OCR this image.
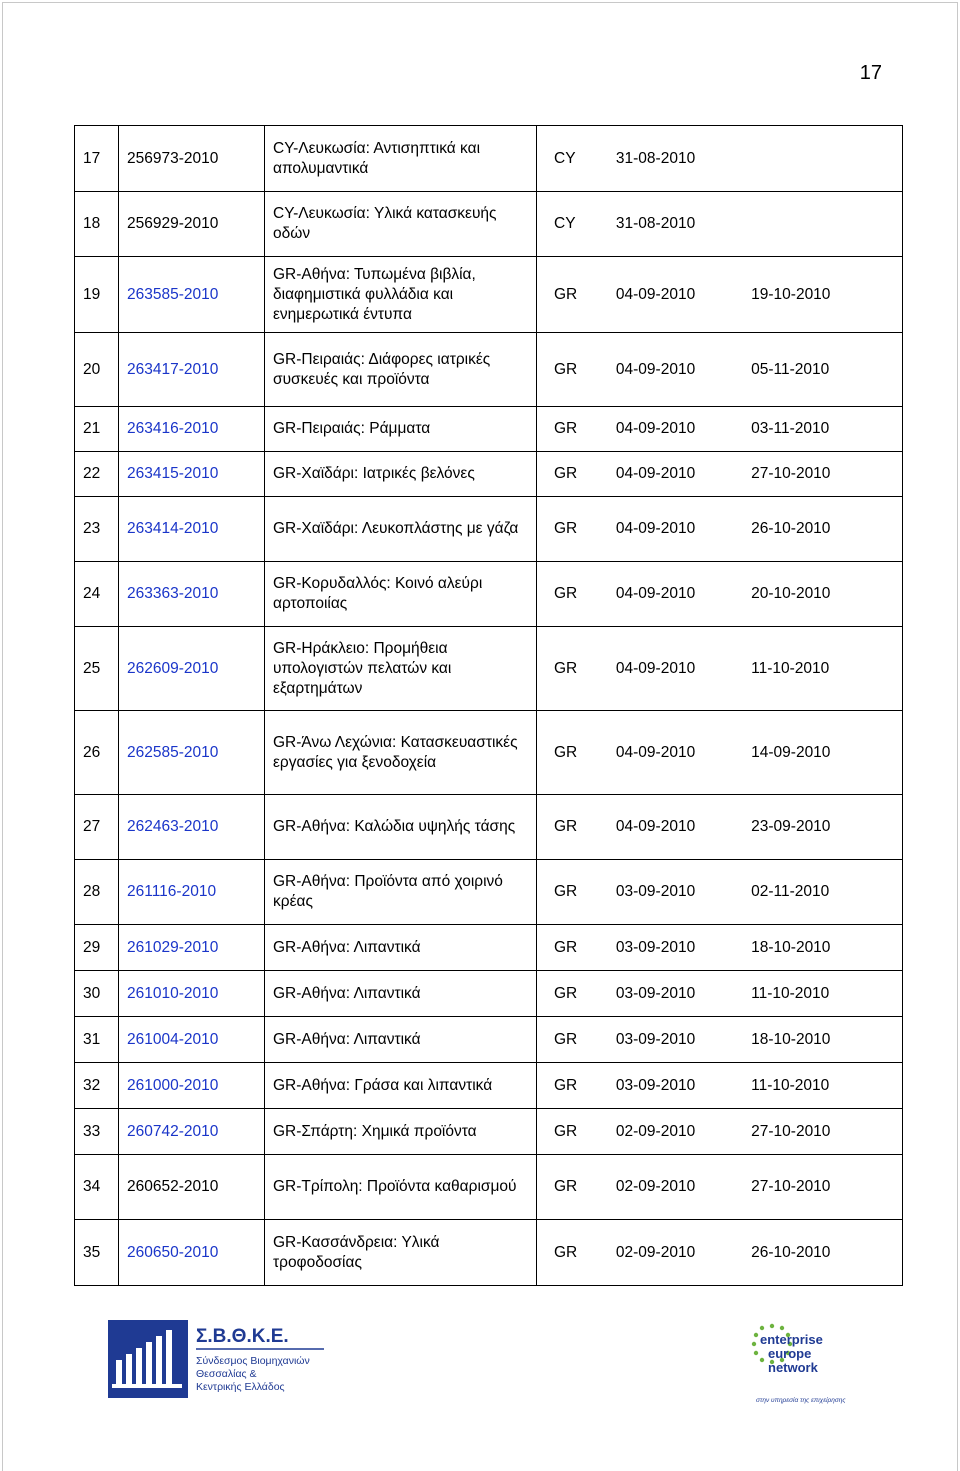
17
17	256973-2010	CY-Λευκωσία: Αντισηπτικά και απολυμαντικά	CY 31-08-2010

18	256929-2010	CY-Λευκωσία: Υλικά κατασκευής οδών	CY 31-08-2010

19	263585-2010	GR-Αθήνα: Τυπωμένα βιβλία, διαφημιστικά φυλλάδια και ενημερωτικά έντυπα	GR 04-09-2010 19-10-2010

20	263417-2010	GR-Πειραιάς: Διάφορες ιατρικές συσκευές και προϊόντα	GR 04-09-2010 05-11-2010

21	263416-2010	GR-Πειραιάς: Ράμματα	GR 04-09-2010 03-11-2010

22	263415-2010	GR-Χαϊδάρι: Ιατρικές βελόνες	GR 04-09-2010 27-10-2010

23	263414-2010	GR-Χαϊδάρι: Λευκοπλάστης με γάζα	GR 04-09-2010 26-10-2010

24	263363-2010	GR-Κορυδαλλός: Κοινό αλεύρι αρτοποιίας	GR 04-09-2010 20-10-2010

25	262609-2010	GR-Ηράκλειο: Προμήθεια υπολογιστών πελατών και εξαρτημάτων	GR 04-09-2010 11-10-2010

26	262585-2010	GR-Άνω Λεχώνια: Κατασκευαστικές εργασίες για ξενοδοχεία	GR 04-09-2010 14-09-2010

27	262463-2010	GR-Αθήνα: Καλώδια υψηλής τάσης	GR 04-09-2010 23-09-2010

28	261116-2010	GR-Αθήνα: Προϊόντα από χοιρινό κρέας	GR 03-09-2010 02-11-2010

29	261029-2010	GR-Αθήνα: Λιπαντικά	GR 03-09-2010 18-10-2010

30	261010-2010	GR-Αθήνα: Λιπαντικά	GR 03-09-2010 11-10-2010

31	261004-2010	GR-Αθήνα: Λιπαντικά	GR 03-09-2010 18-10-2010

32	261000-2010	GR-Αθήνα: Γράσα και λιπαντικά	GR 03-09-2010 11-10-2010

33	260742-2010	GR-Σπάρτη: Χημικά προϊόντα	GR 02-09-2010 27-10-2010

34	260652-2010	GR-Τρίπολη: Προϊόντα καθαρισμού	GR 02-09-2010 27-10-2010

35	260650-2010	GR-Κασσάνδρεια: Υλικά τροφοδοσίας	GR 02-09-2010 26-10-2010
Σ.Β.Θ.Κ.Ε.
Σύνδεσμος Βιομηχανιών
Θεσσαλίας &
Κεντρικής Ελλάδος
enterprise
europe
network
στην υπηρεσία της επιχείρησης
